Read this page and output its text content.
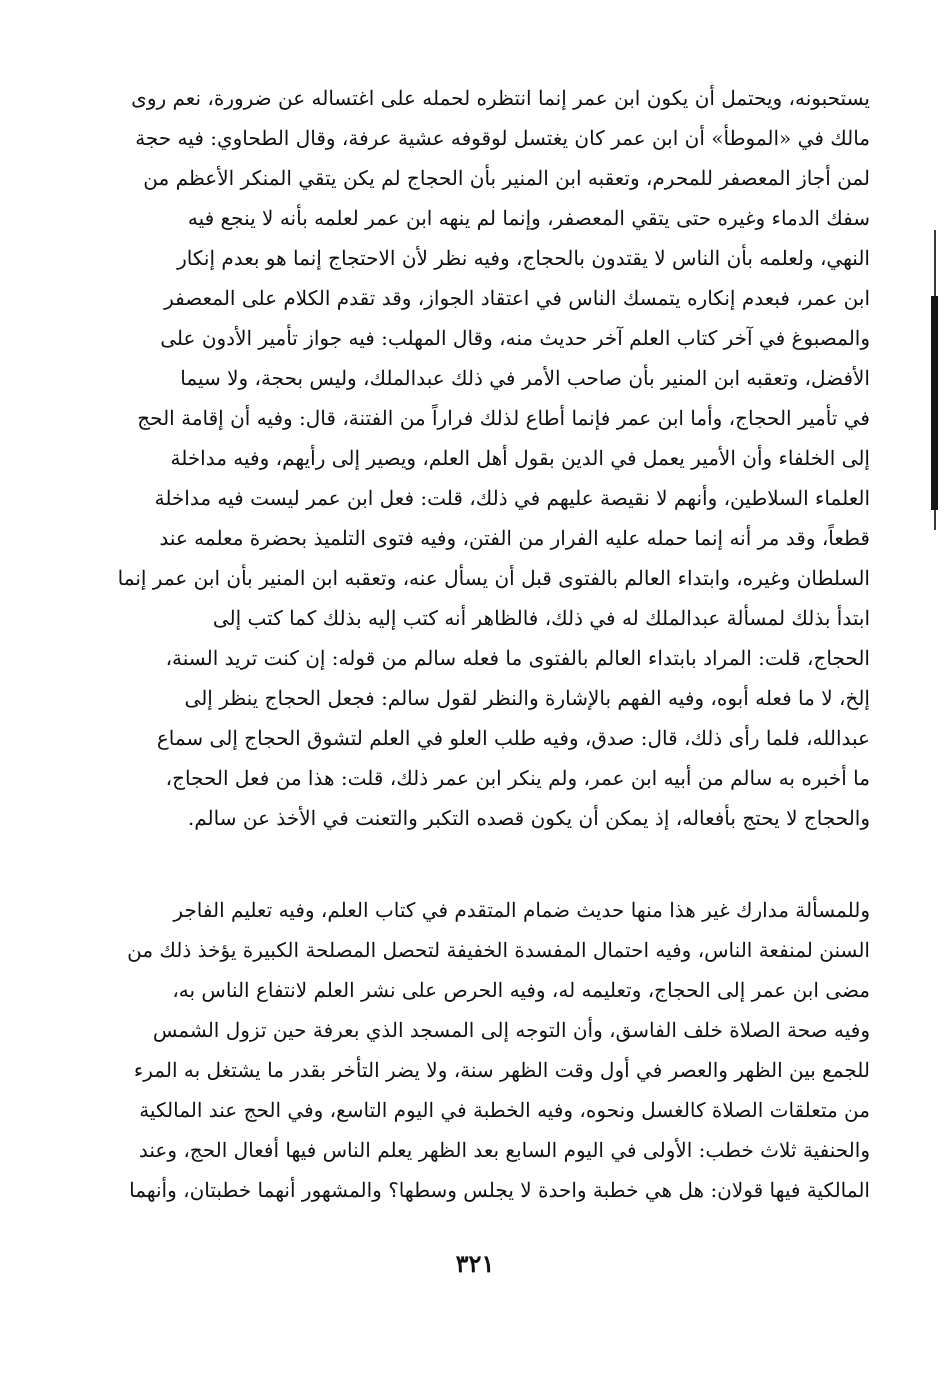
يستحبونه، ويحتمل أن يكون ابن عمر إنما انتظره لحمله على اغتساله عن ضرورة، نعم روى
مالك في «الموطأ» أن ابن عمر كان يغتسل لوقوفه عشية عرفة، وقال الطحاوي: فيه حجة
لمن أجاز المعصفر للمحرم، وتعقبه ابن المنير بأن الحجاج لم يكن يتقي المنكر الأعظم من
سفك الدماء وغيره حتى يتقي المعصفر، وإنما لم ينهه ابن عمر لعلمه بأنه لا ينجع فيه
النهي، ولعلمه بأن الناس لا يقتدون بالحجاج، وفيه نظر لأن الاحتجاج إنما هو بعدم إنكار
ابن عمر، فبعدم إنكاره يتمسك الناس في اعتقاد الجواز، وقد تقدم الكلام على المعصفر
والمصبوغ في آخر كتاب العلم آخر حديث منه، وقال المهلب: فيه جواز تأمير الأدون على
الأفضل، وتعقبه ابن المنير بأن صاحب الأمر في ذلك عبدالملك، وليس بحجة، ولا سيما
في تأمير الحجاج، وأما ابن عمر فإنما أطاع لذلك فراراً من الفتنة، قال: وفيه أن إقامة الحج
إلى الخلفاء وأن الأمير يعمل في الدين بقول أهل العلم، ويصير إلى رأيهم، وفيه مداخلة
العلماء السلاطين، وأنهم لا نقيصة عليهم في ذلك، قلت: فعل ابن عمر ليست فيه مداخلة
قطعاً، وقد مر أنه إنما حمله عليه الفرار من الفتن، وفيه فتوى التلميذ بحضرة معلمه عند
السلطان وغيره، وابتداء العالم بالفتوى قبل أن يسأل عنه، وتعقبه ابن المنير بأن ابن عمر إنما
ابتدأ بذلك لمسألة عبدالملك له في ذلك، فالظاهر أنه كتب إليه بذلك كما كتب إلى
الحجاج، قلت: المراد بابتداء العالم بالفتوى ما فعله سالم من قوله: إن كنت تريد السنة،
إلخ، لا ما فعله أبوه، وفيه الفهم بالإشارة والنظر لقول سالم: فجعل الحجاج ينظر إلى
عبدالله، فلما رأى ذلك، قال: صدق، وفيه طلب العلو في العلم لتشوق الحجاج إلى سماع
ما أخبره به سالم من أبيه ابن عمر، ولم ينكر ابن عمر ذلك، قلت: هذا من فعل الحجاج،
والحجاج لا يحتج بأفعاله، إذ يمكن أن يكون قصده التكبر والتعنت في الأخذ عن سالم.
وللمسألة مدارك غير هذا منها حديث ضمام المتقدم في كتاب العلم، وفيه تعليم الفاجر
السنن لمنفعة الناس، وفيه احتمال المفسدة الخفيفة لتحصل المصلحة الكبيرة يؤخذ ذلك من
مضى ابن عمر إلى الحجاج، وتعليمه له، وفيه الحرص على نشر العلم لانتفاع الناس به،
وفيه صحة الصلاة خلف الفاسق، وأن التوجه إلى المسجد الذي بعرفة حين تزول الشمس
للجمع بين الظهر والعصر في أول وقت الظهر سنة، ولا يضر التأخر بقدر ما يشتغل به المرء
من متعلقات الصلاة كالغسل ونحوه، وفيه الخطبة في اليوم التاسع، وفي الحج عند المالكية
والحنفية ثلاث خطب: الأولى في اليوم السابع بعد الظهر يعلم الناس فيها أفعال الحج، وعند
المالكية فيها قولان: هل هي خطبة واحدة لا يجلس وسطها؟ والمشهور أنهما خطبتان، وأنهما
٣٢١
